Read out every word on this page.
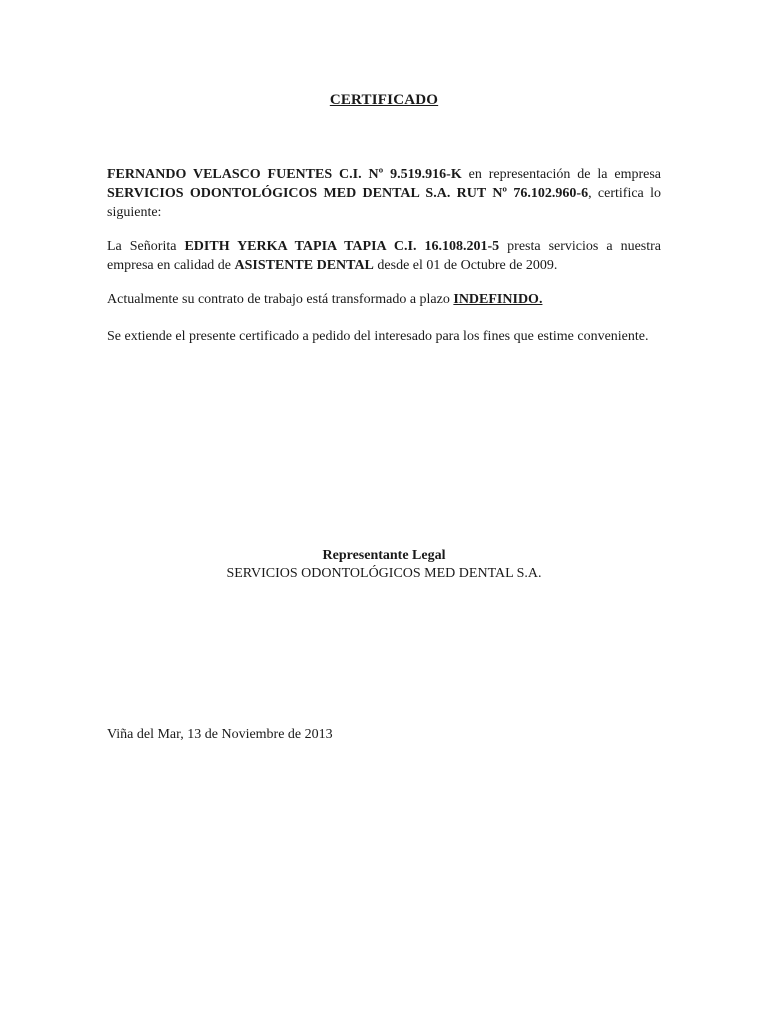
CERTIFICADO

FERNANDO VELASCO FUENTES C.I. Nº 9.519.916-K en representación de la empresa SERVICIOS ODONTOLÓGICOS MED DENTAL S.A. RUT Nº 76.102.960-6, certifica lo siguiente:

La Señorita EDITH YERKA TAPIA TAPIA C.I. 16.108.201-5 presta servicios a nuestra empresa en calidad de ASISTENTE DENTAL desde el 01 de Octubre de 2009.

Actualmente su contrato de trabajo está transformado a plazo INDEFINIDO.

Se extiende el presente certificado a pedido del interesado para los fines que estime conveniente.

Representante Legal
SERVICIOS ODONTOLÓGICOS MED DENTAL S.A.
Viña del Mar, 13 de Noviembre de 2013
